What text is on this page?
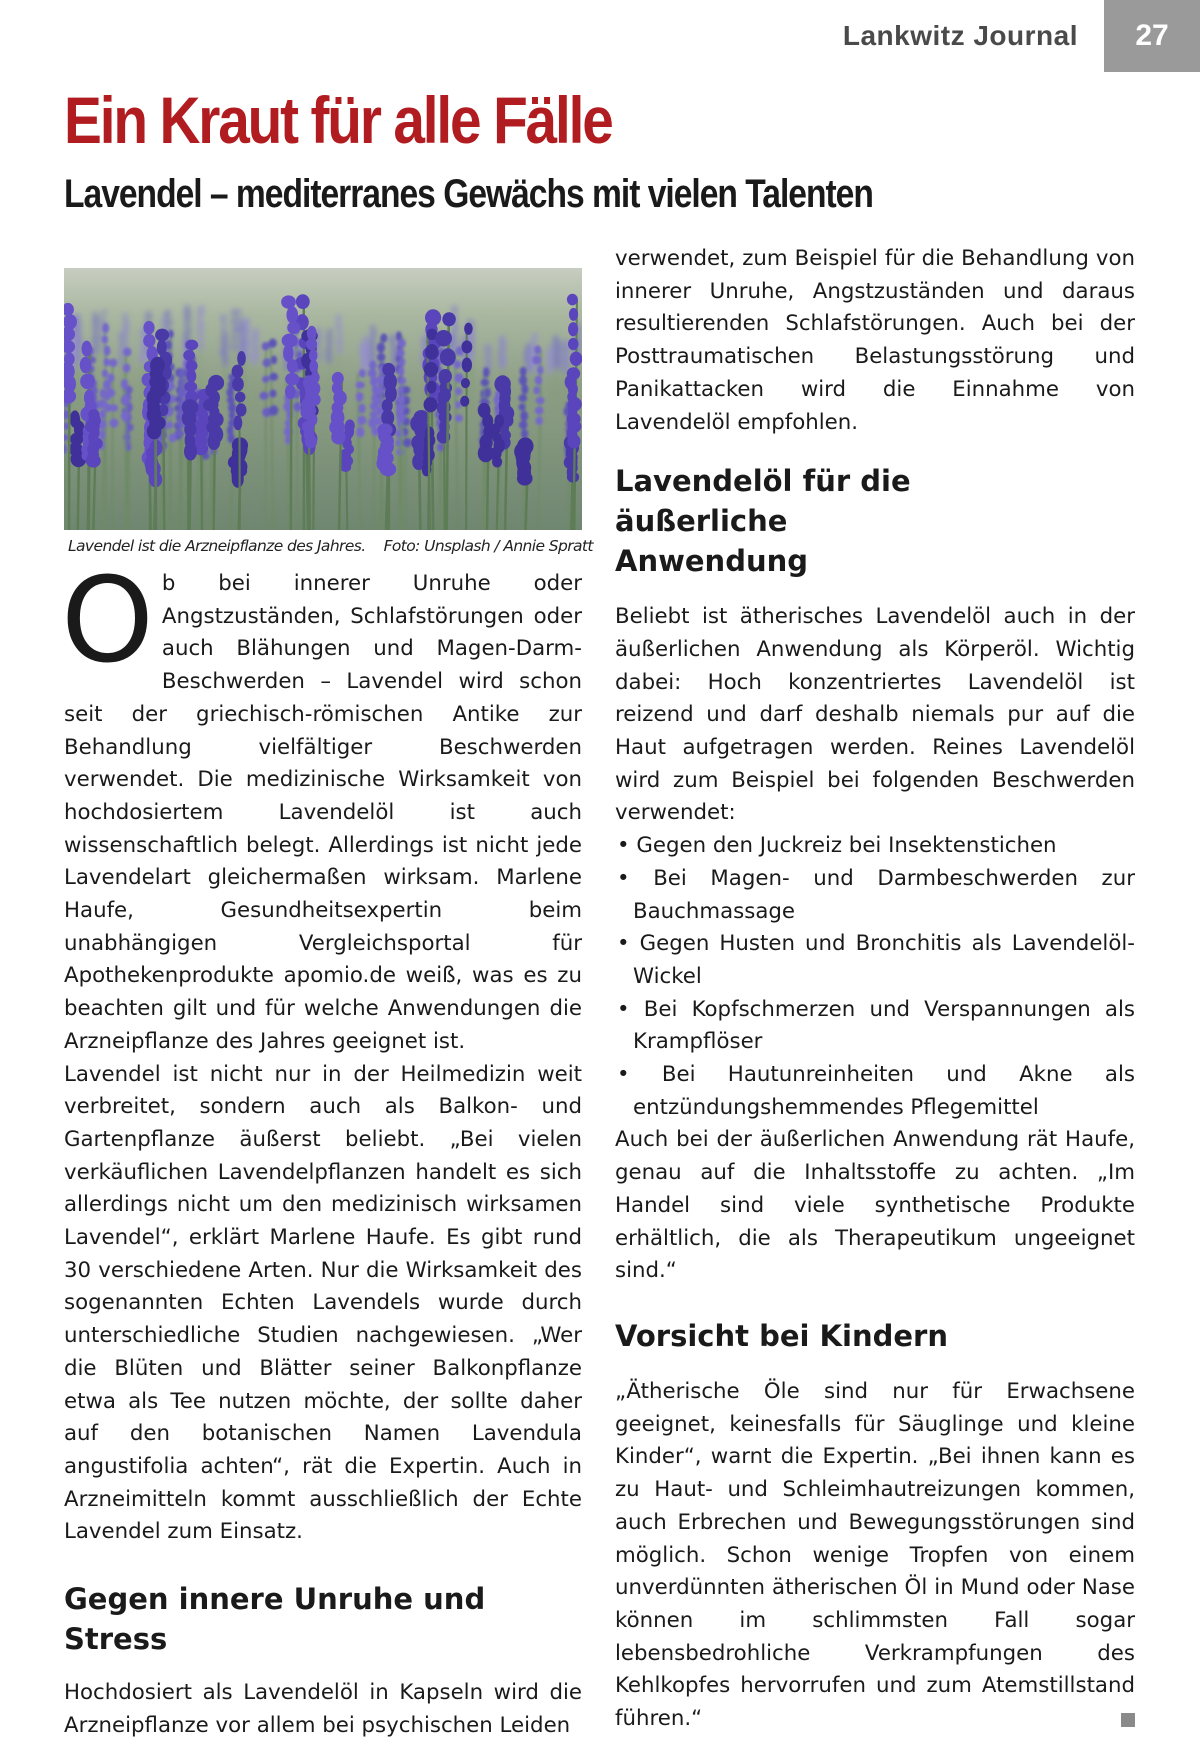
Lankwitz Journal	27
Ein Kraut für alle Fälle
Lavendel – mediterranes Gewächs mit vielen Talenten
Lavendel ist die Arzneipflanze des Jahres. Foto: Unsplash / Annie Spratt

Ob bei innerer Unruhe oder Angstzuständen, Schlafstörungen oder auch Blähungen und Magen-Darm-Beschwerden – Lavendel wird schon seit der griechisch-römischen Antike zur Behandlung vielfältiger Beschwerden verwendet. Die medizinische Wirksamkeit von hochdosiertem Lavendelöl ist auch wissenschaftlich belegt. Allerdings ist nicht jede Lavendelart gleichermaßen wirksam. Marlene Haufe, Gesundheitsexpertin beim unabhängigen Vergleichsportal für Apothekenprodukte apomio.de weiß, was es zu beachten gilt und für welche Anwendungen die Arzneipflanze des Jahres geeignet ist.

Lavendel ist nicht nur in der Heilmedizin weit verbreitet, sondern auch als Balkon- und Gartenpflanze äußerst beliebt. „Bei vielen verkäuflichen Lavendelpflanzen handelt es sich allerdings nicht um den medizinisch wirksamen Lavendel“, erklärt Marlene Haufe. Es gibt rund 30 verschiedene Arten. Nur die Wirksamkeit des sogenannten Echten Lavendels wurde durch unterschiedliche Studien nachgewiesen. „Wer die Blüten und Blätter seiner Balkonpflanze etwa als Tee nutzen möchte, der sollte daher auf den botanischen Namen Lavendula angustifolia achten“, rät die Expertin. Auch in Arzneimitteln kommt ausschließlich der Echte Lavendel zum Einsatz.

Gegen innere Unruhe und Stress

Hochdosiert als Lavendelöl in Kapseln wird die Arzneipflanze vor allem bei psychischen Leiden

verwendet, zum Beispiel für die Behandlung von innerer Unruhe, Angstzuständen und daraus resultierenden Schlafstörungen. Auch bei der Posttraumatischen Belastungsstörung und Panikattacken wird die Einnahme von Lavendelöl empfohlen.

Lavendelöl für die äußerliche Anwendung

Beliebt ist ätherisches Lavendelöl auch in der äußerlichen Anwendung als Körperöl. Wichtig dabei: Hoch konzentriertes Lavendelöl ist reizend und darf deshalb niemals pur auf die Haut aufgetragen werden. Reines Lavendelöl wird zum Beispiel bei folgenden Beschwerden verwendet:

• Gegen den Juckreiz bei Insektenstichen
• Bei Magen- und Darmbeschwerden zur Bauchmassage
• Gegen Husten und Bronchitis als Lavendelöl-Wickel
• Bei Kopfschmerzen und Verspannungen als Krampflöser
• Bei Hautunreinheiten und Akne als entzündungshemmendes Pflegemittel

Auch bei der äußerlichen Anwendung rät Haufe, genau auf die Inhaltsstoffe zu achten. „Im Handel sind viele synthetische Produkte erhältlich, die als Therapeutikum ungeeignet sind.“

Vorsicht bei Kindern

„Ätherische Öle sind nur für Erwachsene geeignet, keinesfalls für Säuglinge und kleine Kinder“, warnt die Expertin. „Bei ihnen kann es zu Haut- und Schleimhautreizungen kommen, auch Erbrechen und Bewegungsstörungen sind möglich. Schon wenige Tropfen von einem unverdünnten ätherischen Öl in Mund oder Nase können im schlimmsten Fall sogar lebensbedrohliche Verkrampfungen des Kehlkopfes hervorrufen und zum Atemstillstand führen.“
